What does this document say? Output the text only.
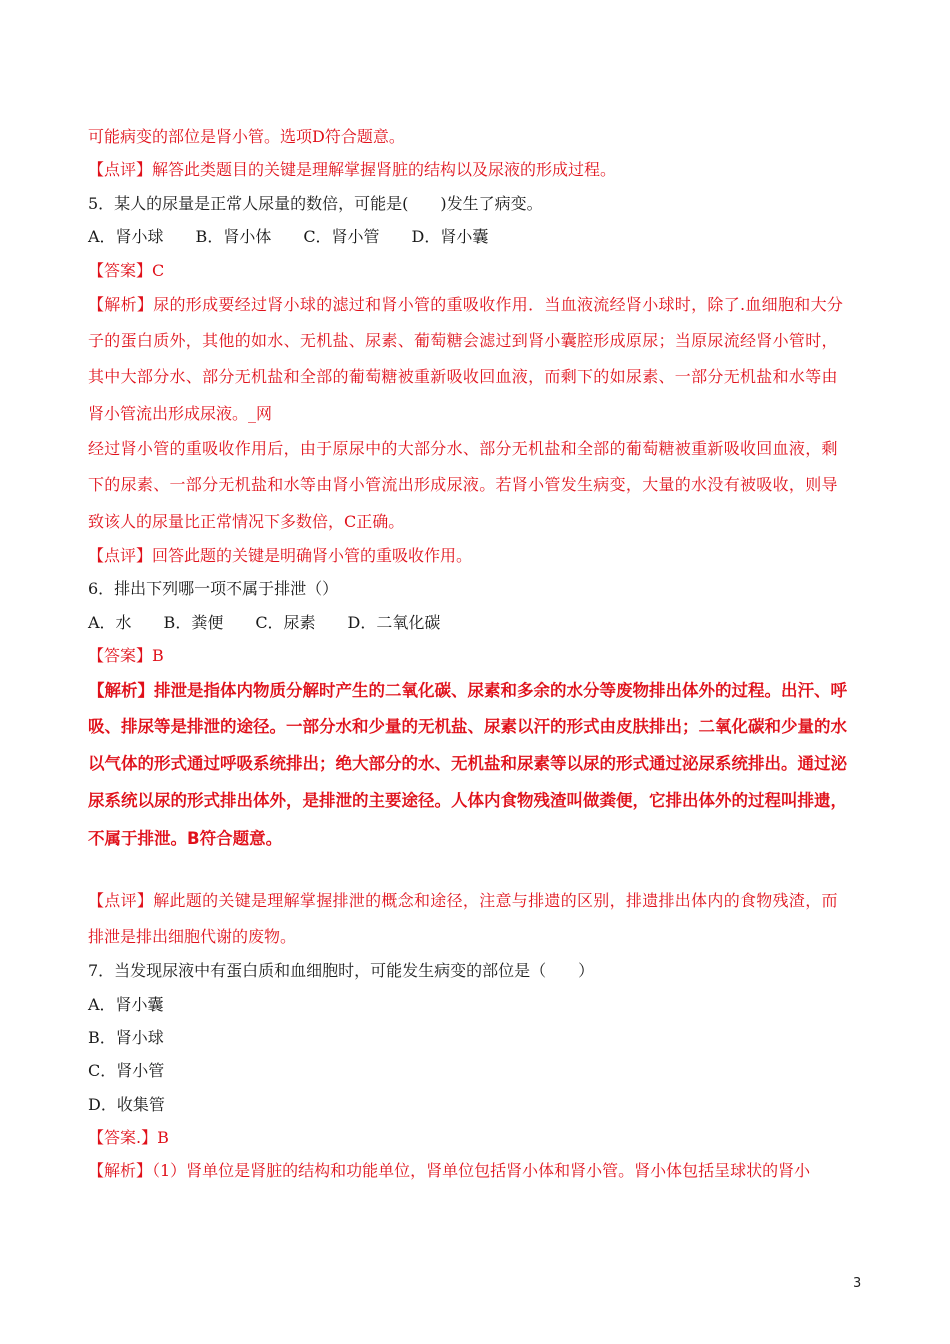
可能病变的部位是肾小管。选项D符合题意。
【点评】解答此类题目的关键是理解掌握肾脏的结构以及尿液的形成过程。
5．某人的尿量是正常人尿量的数倍，可能是(　　)发生了病变。
A．肾小球　　B．肾小体　　C．肾小管　　D．肾小囊
【答案】C
【解析】尿的形成要经过肾小球的滤过和肾小管的重吸收作用．当血液流经肾小球时，除了.血细胞和大分
子的蛋白质外，其他的如水、无机盐、尿素、葡萄糖会滤过到肾小囊腔形成原尿；当原尿流经肾小管时，
其中大部分水、部分无机盐和全部的葡萄糖被重新吸收回血液，而剩下的如尿素、一部分无机盐和水等由
肾小管流出形成尿液。_网
经过肾小管的重吸收作用后，由于原尿中的大部分水、部分无机盐和全部的葡萄糖被重新吸收回血液，剩
下的尿素、一部分无机盐和水等由肾小管流出形成尿液。若肾小管发生病变，大量的水没有被吸收，则导
致该人的尿量比正常情况下多数倍，C正确。
【点评】回答此题的关键是明确肾小管的重吸收作用。
6．排出下列哪一项不属于排泄（）
A．水　　B．粪便　　C．尿素　　D．二氧化碳
【答案】B
【解析】排泄是指体内物质分解时产生的二氧化碳、尿素和多余的水分等废物排出体外的过程。出汗、呼
吸、排尿等是排泄的途径。一部分水和少量的无机盐、尿素以汗的形式由皮肤排出；二氧化碳和少量的水
以气体的形式通过呼吸系统排出；绝大部分的水、无机盐和尿素等以尿的形式通过泌尿系统排出。通过泌
尿系统以尿的形式排出体外，是排泄的主要途径。人体内食物残渣叫做粪便，它排出体外的过程叫排遗，
不属于排泄。B符合题意。
【点评】解此题的关键是理解掌握排泄的概念和途径，注意与排遗的区别，排遗排出体内的食物残渣，而
排泄是排出细胞代谢的废物。
7．当发现尿液中有蛋白质和血细胞时，可能发生病变的部位是（　　）
A．肾小囊
B．肾小球
C．肾小管
D．收集管
【答案.】B
【解析】（1）肾单位是肾脏的结构和功能单位，肾单位包括肾小体和肾小管。肾小体包括呈球状的肾小
3
